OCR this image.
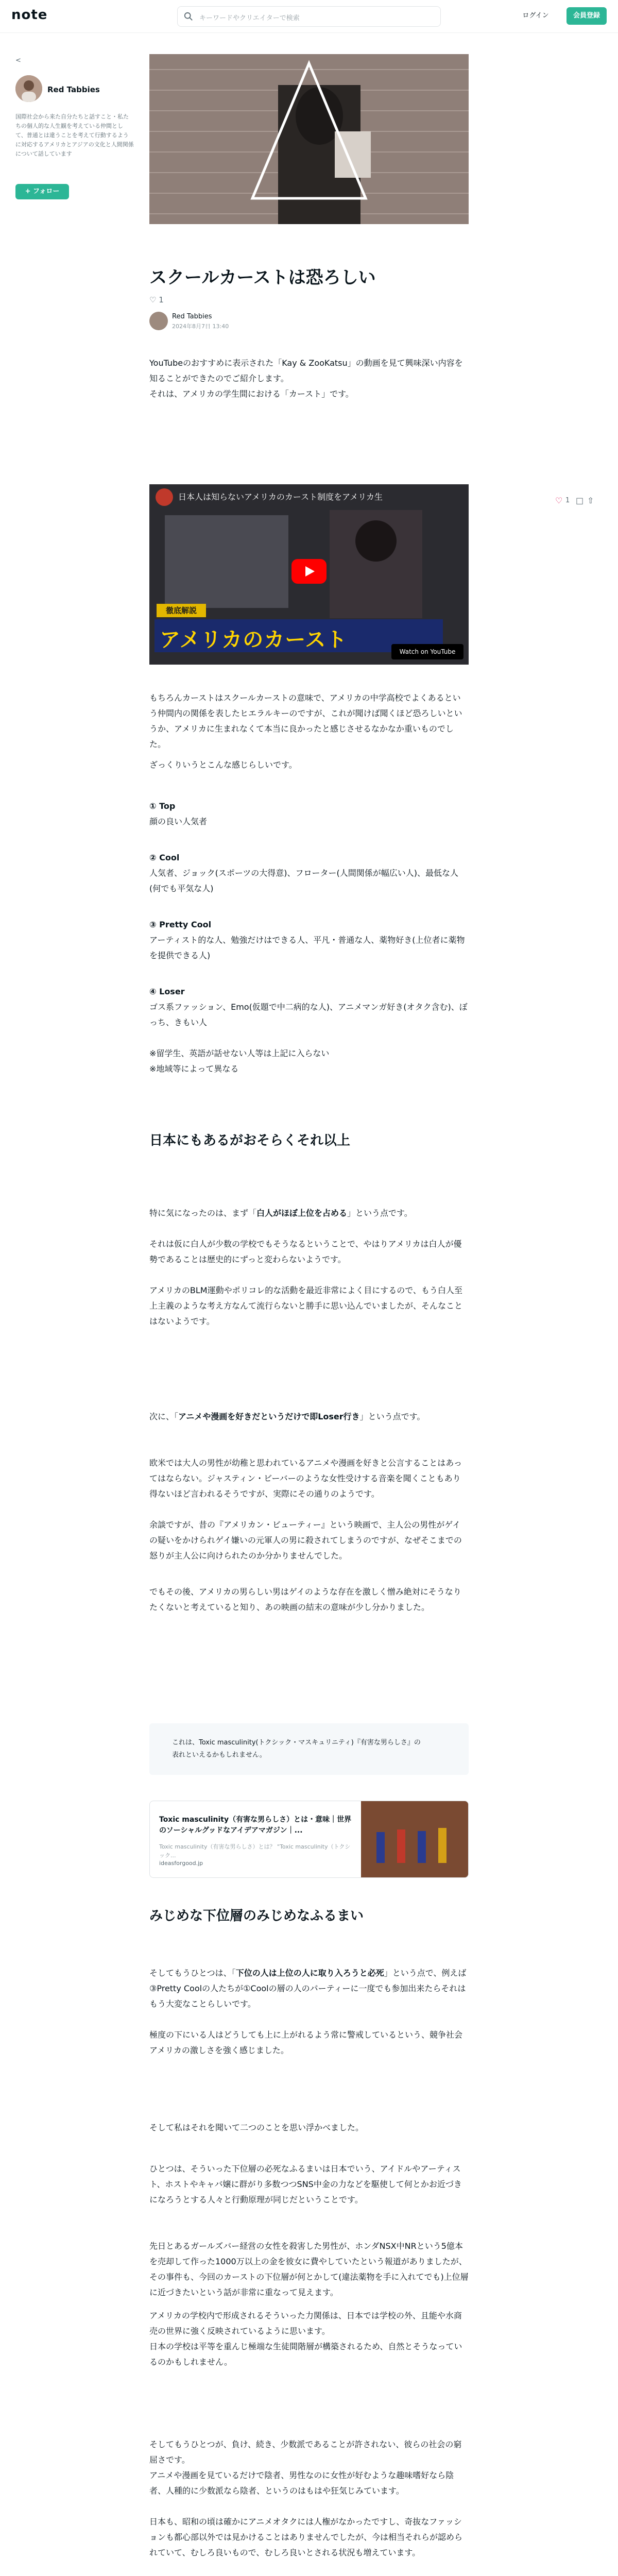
note	キーワードやクリエイターで検索	ログイン	会員登録
<
Red Tabbies
国際社会から来た自分たちと話すこと・私たちの個人的な人生観を考えている仲間として、普通とは違うことを考えて行動するように対応するアメリカとアジアの文化と人間関係について話しています
+ フォロー
スクールカーストは恐ろしい
♡ 1
Red Tabbies
2024年8月7日 13:40
YouTubeのおすすめに表示された「Kay & ZooKatsu」の動画を見て興味深い内容を知ることができたのでご紹介します。
それは、アメリカの学生間における「カースト」です。
日本人は知らないアメリカのカースト制度をアメリカ生
徹底解説
アメリカのカースト	Watch on YouTube
もちろんカーストはスクールカーストの意味で、アメリカの中学高校でよくあるという仲間内の関係を表したヒエラルキーのですが、これが聞けば聞くほど恐ろしいというか、アメリカに生まれなくて本当に良かったと感じさせるなかなか重いものでした。
ざっくりいうとこんな感じらしいです。
① Top
顔の良い人気者
② Cool
人気者、ジョック(スポーツの大得意)、フローター(人間関係が幅広い人)、最低な人(何でも平気な人)
③ Pretty Cool
アーティスト的な人、勉強だけはできる人、平凡・普通な人、薬物好き(上位者に薬物を提供できる人)
④ Loser
ゴス系ファッション、Emo(仮題で中二病的な人)、アニメマンガ好き(オタク含む)、ぼっち、きもい人
※留学生、英語が話せない人等は上記に入らない
※地域等によって異なる
日本にもあるがおそらくそれ以上
特に気になったのは、まず「白人がほぼ上位を占める」という点です。
それは仮に白人が少数の学校でもそうなるということで、やはりアメリカは白人が優勢であることは歴史的にずっと変わらないようです。
アメリカのBLM運動やポリコレ的な活動を最近非常によく目にするので、もう白人至上主義のような考え方なんて流行らないと勝手に思い込んでいましたが、そんなことはないようです。
次に、「アニメや漫画を好きだというだけで即Loser行き」という点です。
欧米では大人の男性が幼稚と思われているアニメや漫画を好きと公言することはあってはならない。ジャスティン・ビーバーのような女性受けする音楽を聞くこともあり得ないほど言われるそうですが、実際にその通りのようです。
余談ですが、昔の『アメリカン・ビューティー』という映画で、主人公の男性がゲイの疑いをかけられゲイ嫌いの元軍人の男に殺されてしまうのですが、なぜそこまでの怒りが主人公に向けられたのか分かりませんでした。
でもその後、アメリカの男らしい男はゲイのような存在を激しく憎み絶対にそうなりたくないと考えていると知り、あの映画の結末の意味が少し分かりました。
これは、Toxic masculinity(トクシック・マスキュリニティ)『有害な男らしさ』の表れといえるかもしれません。
Toxic masculinity（有害な男らしさ）とは・意味｜世界のソーシャルグッドなアイデアマガジン｜...
Toxic masculinity（有害な男らしさ）とは？ "Toxic masculinity（トクシック...
ideasforgood.jp
みじめな下位層のみじめなふるまい
そしてもうひとつは、「下位の人は上位の人に取り入ろうと必死」という点で、例えば③Pretty Coolの人たちが①Coolの層の人のパーティーに一度でも参加出来たらそれはもう大変なことらしいです。
極度の下にいる人はどうしても上に上がれるよう常に警戒しているという、競争社会アメリカの激しさを強く感じました。
そして私はそれを聞いて二つのことを思い浮かべました。
ひとつは、そういった下位層の必死なふるまいは日本でいう、アイドルやアーティスト、ホストやキャバ嬢に群がり多数つつSNS中金の力などを駆使して何とかお近づきになろうとする人々と行動原理が同じだということです。
先日とあるガールズバー経営の女性を殺害した男性が、ホンダNSX中NRという5億本を売却して作った1000万以上の金を彼女に費やしていたという報道がありましたが、その事件も、今回のカーストの下位層が何とかして(違法薬物を手に入れてでも)上位層に近づきたいという話が非常に重なって見えます。
アメリカの学校内で形成されるそういった力関係は、日本では学校の外、且能や水商売の世界に強く反映されているように思います。
日本の学校は平等を重んじ極端な生徒間階層が構築されるため、自然とそうなっているのかもしれません。
そしてもうひとつが、負け、続き、少数派であることが許されない、彼らの社会の窮屈さです。
アニメや漫画を見ているだけで陰者、男性なのに女性が好むような趣味嗜好なら陰者、人種的に少数派なら陰者、というのはもはや狂気じみています。
日本も、昭和の頃は確かにアニメオタクには人権がなかったですし、奇抜なファッションも都心部以外では見かけることはありませんでしたが、今は相当それらが認められていて、むしろ良いもので、むしろ良いとされる状況も増えています。
♡ 1 □ ⇧
